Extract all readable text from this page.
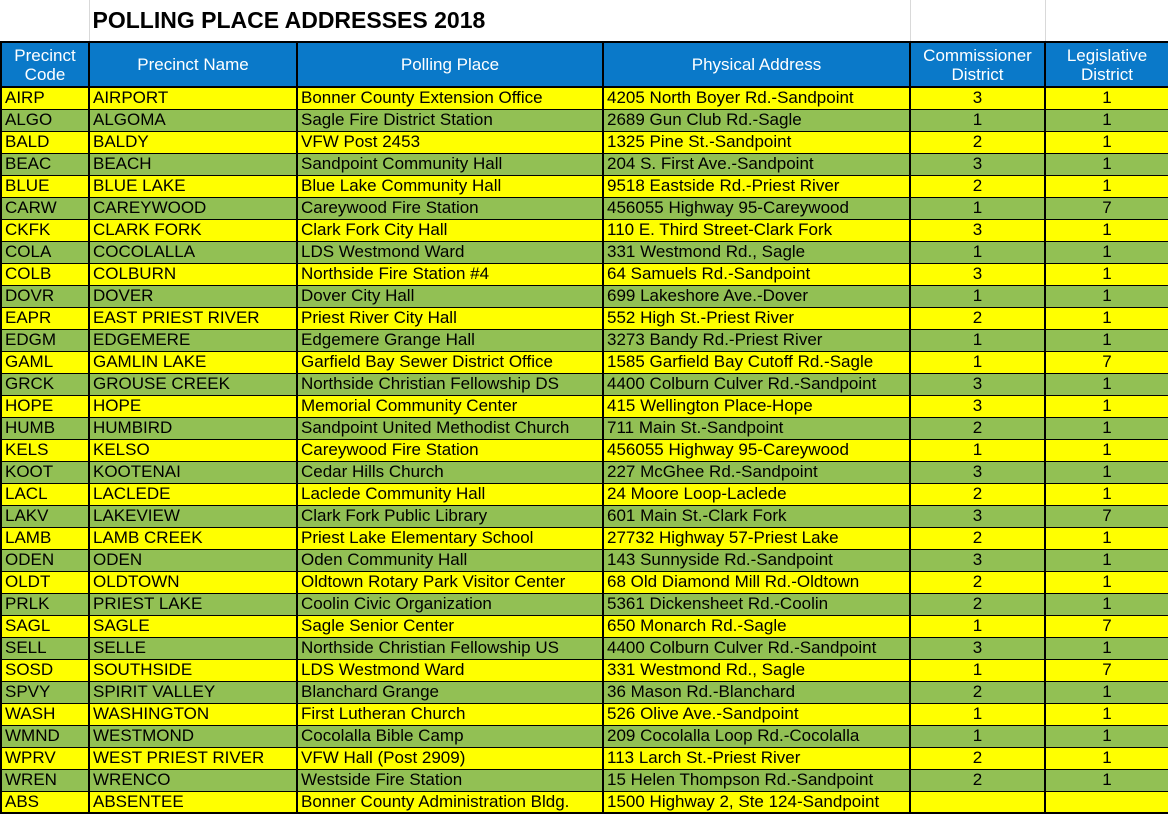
	POLLING PLACE ADDRESSES 2018				
Precinct Code	Precinct Name	Polling Place	Physical Address	Commissioner District	Legislative District
AIRP	AIRPORT	Bonner County Extension Office	4205 North Boyer Rd.-Sandpoint	3	1
ALGO	ALGOMA	Sagle Fire District Station	2689 Gun Club Rd.-Sagle	1	1
BALD	BALDY	VFW Post 2453	1325 Pine St.-Sandpoint	2	1
BEAC	BEACH	Sandpoint Community Hall	204 S. First Ave.-Sandpoint	3	1
BLUE	BLUE LAKE	Blue Lake Community Hall	9518 Eastside Rd.-Priest River	2	1
CARW	CAREYWOOD	Careywood Fire Station	456055 Highway 95-Careywood	1	7
CKFK	CLARK FORK	Clark Fork City Hall	110 E. Third Street-Clark Fork	3	1
COLA	COCOLALLA	LDS Westmond Ward	331 Westmond Rd., Sagle	1	1
COLB	COLBURN	Northside Fire Station #4	64 Samuels Rd.-Sandpoint	3	1
DOVR	DOVER	Dover City Hall	699 Lakeshore Ave.-Dover	1	1
EAPR	EAST PRIEST RIVER	Priest River City Hall	552 High St.-Priest River	2	1
EDGM	EDGEMERE	Edgemere Grange Hall	3273 Bandy Rd.-Priest River	1	1
GAML	GAMLIN LAKE	Garfield Bay Sewer District Office	1585 Garfield Bay Cutoff Rd.-Sagle	1	7
GRCK	GROUSE CREEK	Northside Christian Fellowship DS	4400 Colburn Culver Rd.-Sandpoint	3	1
HOPE	HOPE	Memorial Community Center	415 Wellington Place-Hope	3	1
HUMB	HUMBIRD	Sandpoint United Methodist Church	711 Main St.-Sandpoint	2	1
KELS	KELSO	Careywood Fire Station	456055 Highway 95-Careywood	1	1
KOOT	KOOTENAI	Cedar Hills Church	227 McGhee Rd.-Sandpoint	3	1
LACL	LACLEDE	Laclede Community Hall	24 Moore Loop-Laclede	2	1
LAKV	LAKEVIEW	Clark Fork Public Library	601 Main St.-Clark Fork	3	7
LAMB	LAMB CREEK	Priest Lake Elementary School	27732 Highway 57-Priest Lake	2	1
ODEN	ODEN	Oden Community Hall	143 Sunnyside Rd.-Sandpoint	3	1
OLDT	OLDTOWN	Oldtown Rotary Park Visitor Center	68 Old Diamond Mill Rd.-Oldtown	2	1
PRLK	PRIEST LAKE	Coolin Civic Organization	5361 Dickensheet Rd.-Coolin	2	1
SAGL	SAGLE	Sagle Senior Center	650 Monarch Rd.-Sagle	1	7
SELL	SELLE	Northside Christian Fellowship US	4400 Colburn Culver Rd.-Sandpoint	3	1
SOSD	SOUTHSIDE	LDS Westmond Ward	331 Westmond Rd., Sagle	1	7
SPVY	SPIRIT VALLEY	Blanchard Grange	36 Mason Rd.-Blanchard	2	1
WASH	WASHINGTON	First Lutheran Church	526 Olive Ave.-Sandpoint	1	1
WMND	WESTMOND	Cocolalla Bible Camp	209 Cocolalla Loop Rd.-Cocolalla	1	1
WPRV	WEST PRIEST RIVER	VFW Hall (Post 2909)	113 Larch St.-Priest River	2	1
WREN	WRENCO	Westside Fire Station	15 Helen Thompson Rd.-Sandpoint	2	1
ABS	ABSENTEE	Bonner County Administration Bldg.	1500 Highway 2, Ste 124-Sandpoint		
